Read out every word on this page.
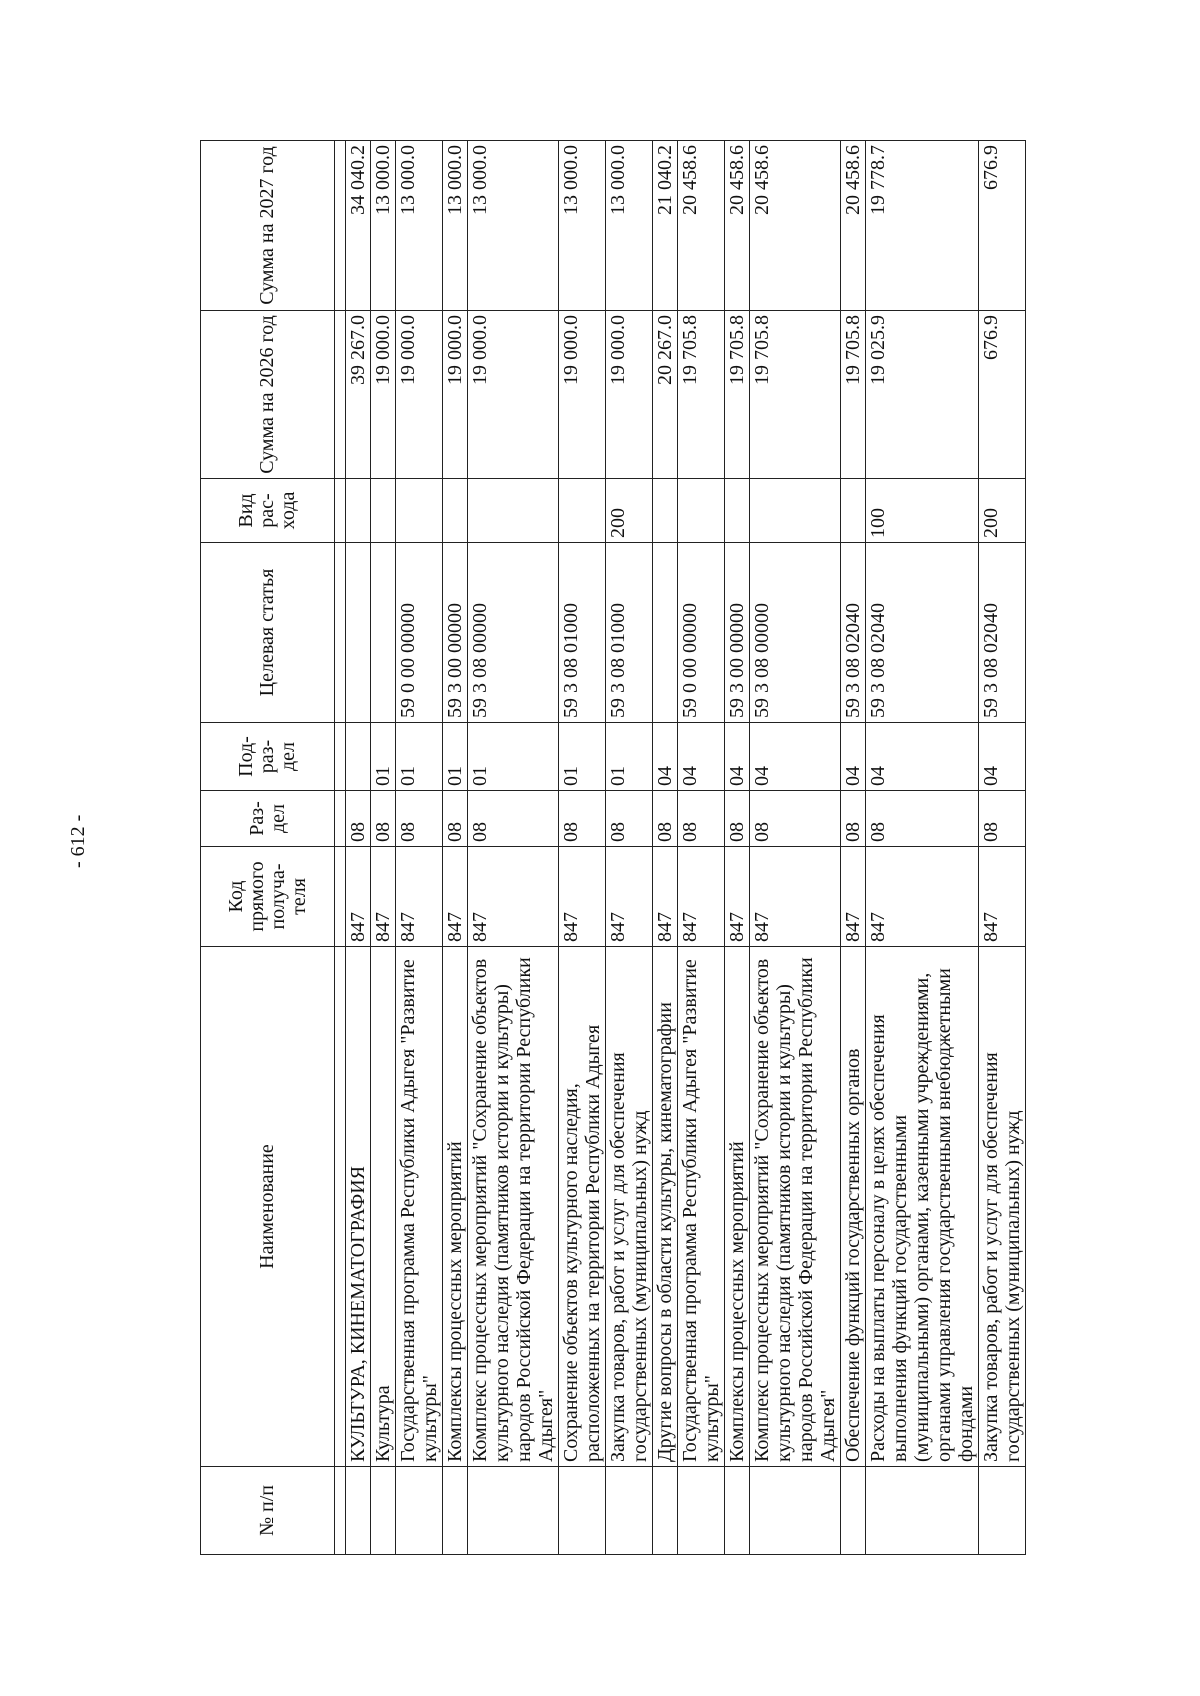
- 612 -
№ п/п	Наименование	Код прямого получа-теля	Раз-дел	Под-раз-дел	Целевая статья	Вид рас-хода	Сумма на 2026 год	Сумма на 2027 год

	КУЛЬТУРА, КИНЕМАТОГРАФИЯ	847	08				39 267.0	34 040.2
	Культура	847	08	01			19 000.0	13 000.0
	Государственная программа Республики Адыгея "Развитие культуры"	847	08	01	59 0 00 00000		19 000.0	13 000.0
	Комплексы процессных мероприятий	847	08	01	59 3 00 00000		19 000.0	13 000.0
	Комплекс процессных мероприятий "Сохранение объектов культурного наследия (памятников истории и культуры) народов Российской Федерации на территории Республики Адыгея"	847	08	01	59 3 08 00000		19 000.0	13 000.0
	Сохранение объектов культурного наследия, расположенных на территории Республики Адыгея	847	08	01	59 3 08 01000		19 000.0	13 000.0
	Закупка товаров, работ и услуг для обеспечения государственных (муниципальных) нужд	847	08	01	59 3 08 01000	200	19 000.0	13 000.0
	Другие вопросы в области культуры, кинематографии	847	08	04			20 267.0	21 040.2
	Государственная программа Республики Адыгея "Развитие культуры"	847	08	04	59 0 00 00000		19 705.8	20 458.6
	Комплексы процессных мероприятий	847	08	04	59 3 00 00000		19 705.8	20 458.6
	Комплекс процессных мероприятий "Сохранение объектов культурного наследия (памятников истории и культуры) народов Российской Федерации на территории Республики Адыгея"	847	08	04	59 3 08 00000		19 705.8	20 458.6
	Обеспечение функций государственных органов	847	08	04	59 3 08 02040		19 705.8	20 458.6
	Расходы на выплаты персоналу в целях обеспечения выполнения функций государственными (муниципальными) органами, казенными учреждениями, органами управления государственными внебюджетными фондами	847	08	04	59 3 08 02040	100	19 025.9	19 778.7
	Закупка товаров, работ и услуг для обеспечения государственных (муниципальных) нужд	847	08	04	59 3 08 02040	200	676.9	676.9
